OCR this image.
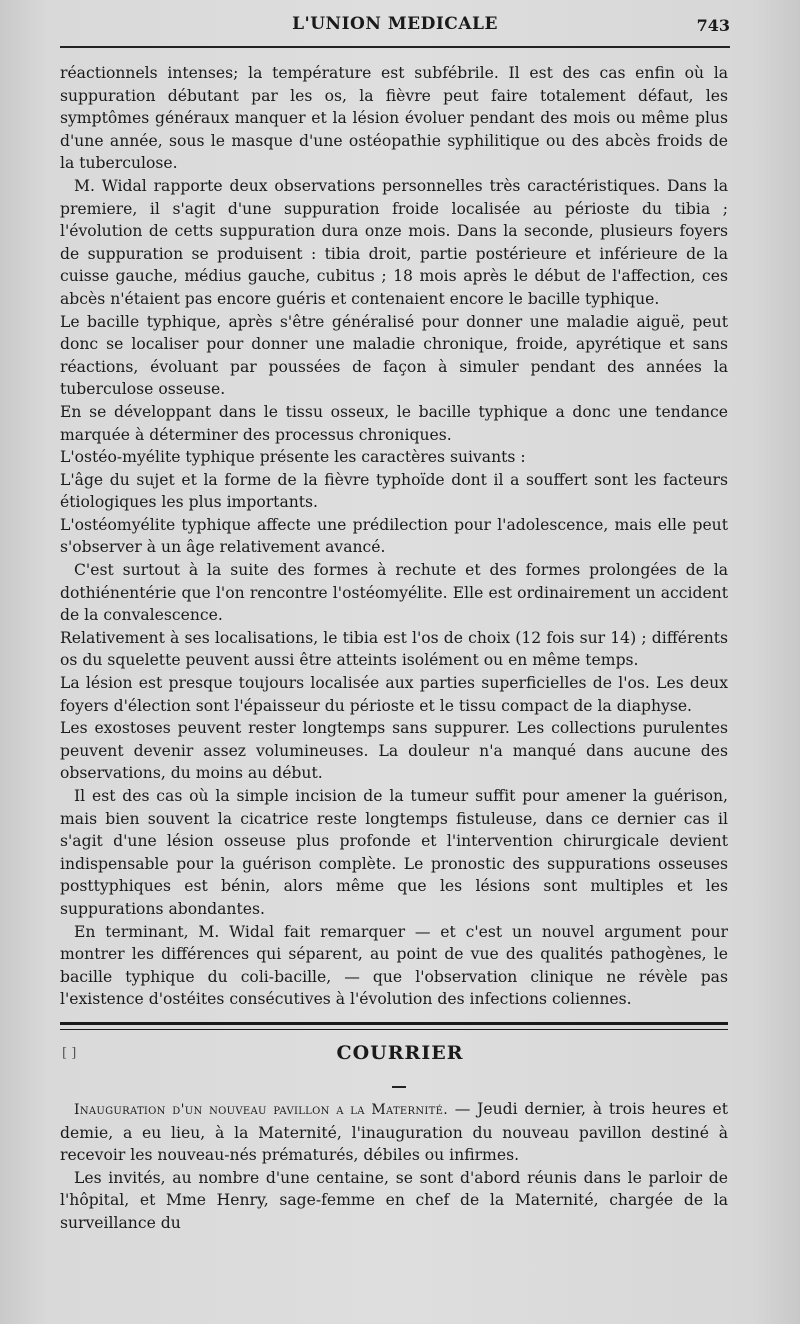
L'UNION MEDICALE	743

réactionnels intenses; la température est subfébrile. Il est des cas enfin où la suppuration débutant par les os, la fièvre peut faire totalement défaut, les symptômes généraux manquer et la lésion évoluer pendant des mois ou même plus d'une année, sous le masque d'une ostéopathie syphilitique ou des abcès froids de la tuberculose.

M. Widal rapporte deux observations personnelles très caractéristiques. Dans la premiere, il s'agit d'une suppuration froide localisée au périoste du tibia ; l'évolution de cetts suppuration dura onze mois. Dans la seconde, plusieurs foyers de suppuration se produisent : tibia droit, partie postérieure et inférieure de la cuisse gauche, médius gauche, cubitus ; 18 mois après le début de l'affection, ces abcès n'étaient pas encore guéris et contenaient encore le bacille typhique.

Le bacille typhique, après s'être généralisé pour donner une maladie aiguë, peut donc se localiser pour donner une maladie chronique, froide, apyrétique et sans réactions, évoluant par poussées de façon à simuler pendant des années la tuberculose osseuse.

En se développant dans le tissu osseux, le bacille typhique a donc une tendance marquée à déterminer des processus chroniques.

L'ostéo-myélite typhique présente les caractères suivants :

L'âge du sujet et la forme de la fièvre typhoïde dont il a souffert sont les facteurs étiologiques les plus importants.

L'ostéomyélite typhique affecte une prédilection pour l'adolescence, mais elle peut s'observer à un âge relativement avancé.

C'est surtout à la suite des formes à rechute et des formes prolongées de la dothiénentérie que l'on rencontre l'ostéomyélite. Elle est ordinairement un accident de la convalescence.

Relativement à ses localisations, le tibia est l'os de choix (12 fois sur 14) ; différents os du squelette peuvent aussi être atteints isolément ou en même temps.

La lésion est presque toujours localisée aux parties superficielles de l'os. Les deux foyers d'élection sont l'épaisseur du périoste et le tissu compact de la diaphyse.

Les exostoses peuvent rester longtemps sans suppurer. Les collections purulentes peuvent devenir assez volumineuses. La douleur n'a manqué dans aucune des observations, du moins au début.

Il est des cas où la simple incision de la tumeur suffit pour amener la guérison, mais bien souvent la cicatrice reste longtemps fistuleuse, dans ce dernier cas il s'agit d'une lésion osseuse plus profonde et l'intervention chirurgicale devient indispensable pour la guérison complète. Le pronostic des suppurations osseuses posttyphiques est bénin, alors même que les lésions sont multiples et les suppurations abondantes.

En terminant, M. Widal fait remarquer — et c'est un nouvel argument pour montrer les différences qui séparent, au point de vue des qualités pathogènes, le bacille typhique du coli-bacille, — que l'observation clinique ne révèle pas l'existence d'ostéites consécutives à l'évolution des infections coliennes.

[ ]	COURRIER

Inauguration d'un nouveau pavillon a la Maternité. — Jeudi dernier, à trois heures et demie, a eu lieu, à la Maternité, l'inauguration du nouveau pavillon destiné à recevoir les nouveau-nés prématurés, débiles ou infirmes.

Les invités, au nombre d'une centaine, se sont d'abord réunis dans le parloir de l'hôpital, et Mme Henry, sage-femme en chef de la Maternité, chargée de la surveillance du
